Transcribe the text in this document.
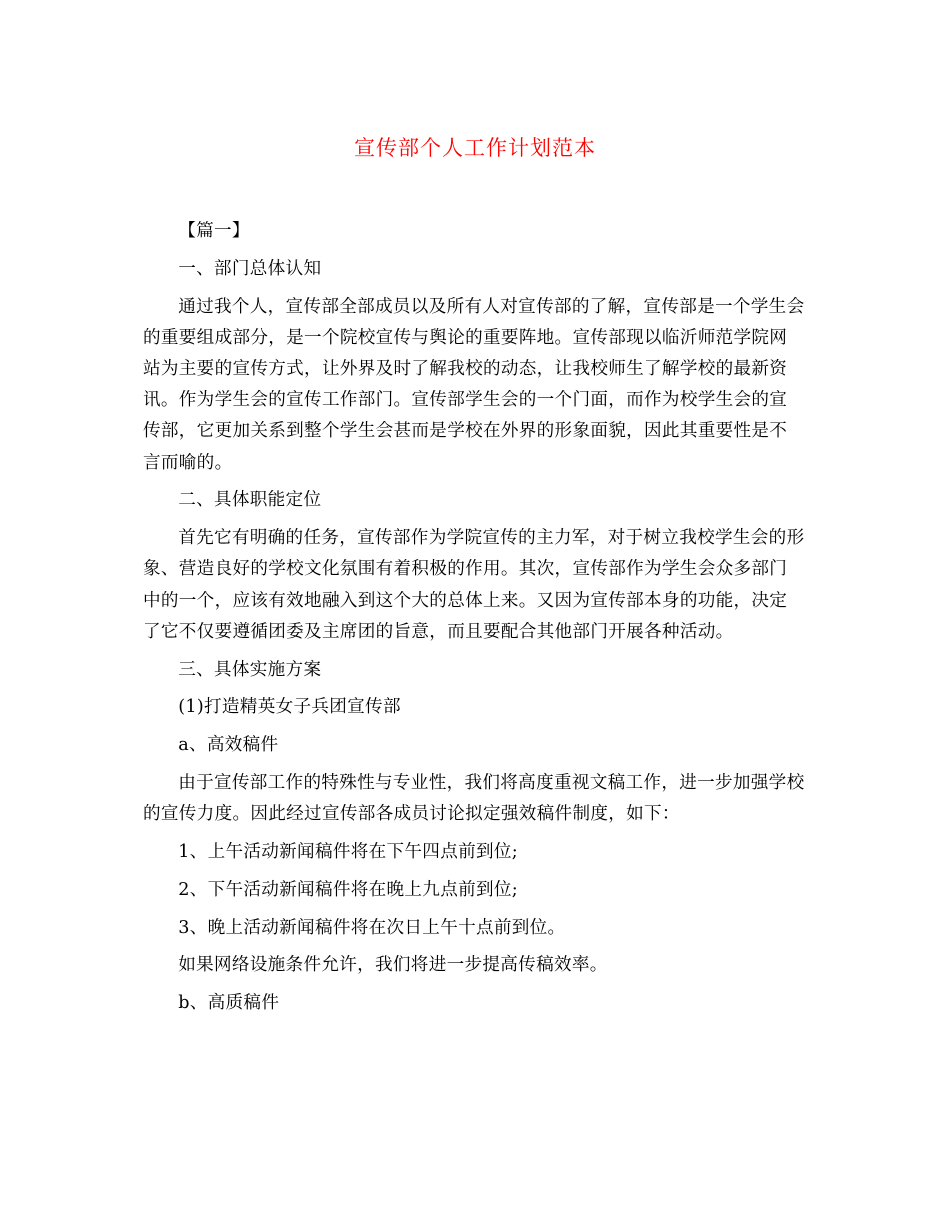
宣传部个人工作计划范本

【篇一】

一、部门总体认知

通过我个人，宣传部全部成员以及所有人对宣传部的了解，宣传部是一个学生会的重要组成部分，是一个院校宣传与舆论的重要阵地。宣传部现以临沂师范学院网站为主要的宣传方式，让外界及时了解我校的动态，让我校师生了解学校的最新资讯。作为学生会的宣传工作部门。宣传部学生会的一个门面，而作为校学生会的宣传部，它更加关系到整个学生会甚而是学校在外界的形象面貌，因此其重要性是不言而喻的。

二、具体职能定位

首先它有明确的任务，宣传部作为学院宣传的主力军，对于树立我校学生会的形象、营造良好的学校文化氛围有着积极的作用。其次，宣传部作为学生会众多部门中的一个，应该有效地融入到这个大的总体上来。又因为宣传部本身的功能，决定了它不仅要遵循团委及主席团的旨意，而且要配合其他部门开展各种活动。

三、具体实施方案

(1)打造精英女子兵团宣传部

a、高效稿件

由于宣传部工作的特殊性与专业性，我们将高度重视文稿工作，进一步加强学校的宣传力度。因此经过宣传部各成员讨论拟定强效稿件制度，如下：

1、上午活动新闻稿件将在下午四点前到位;

2、下午活动新闻稿件将在晚上九点前到位;

3、晚上活动新闻稿件将在次日上午十点前到位。

如果网络设施条件允许，我们将进一步提高传稿效率。

b、高质稿件
